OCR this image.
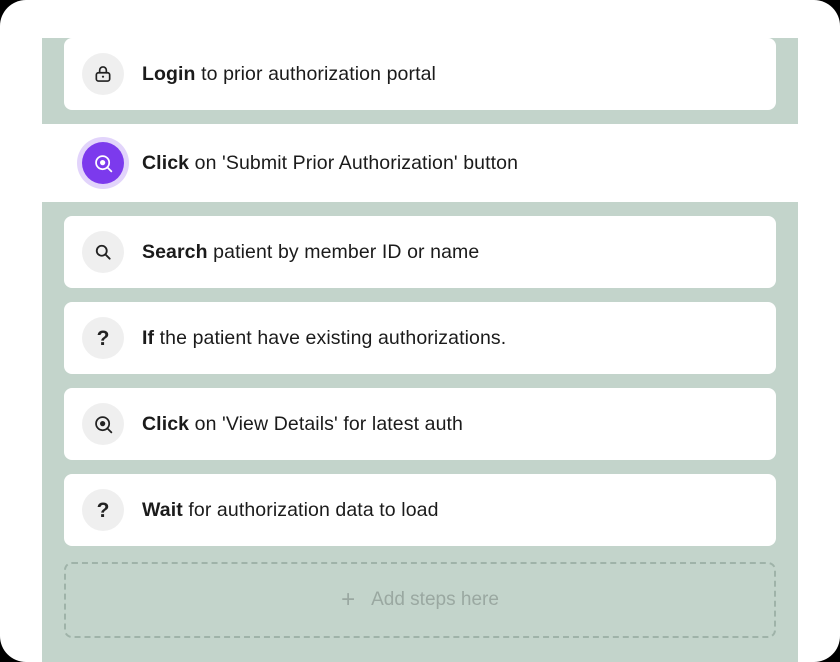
Login to prior authorization portal
Click on 'Submit Prior Authorization' button
Search patient by member ID or name
? If the patient have existing authorizations.
Click on 'View Details' for latest auth
? Wait for authorization data to load
+ Add steps here
